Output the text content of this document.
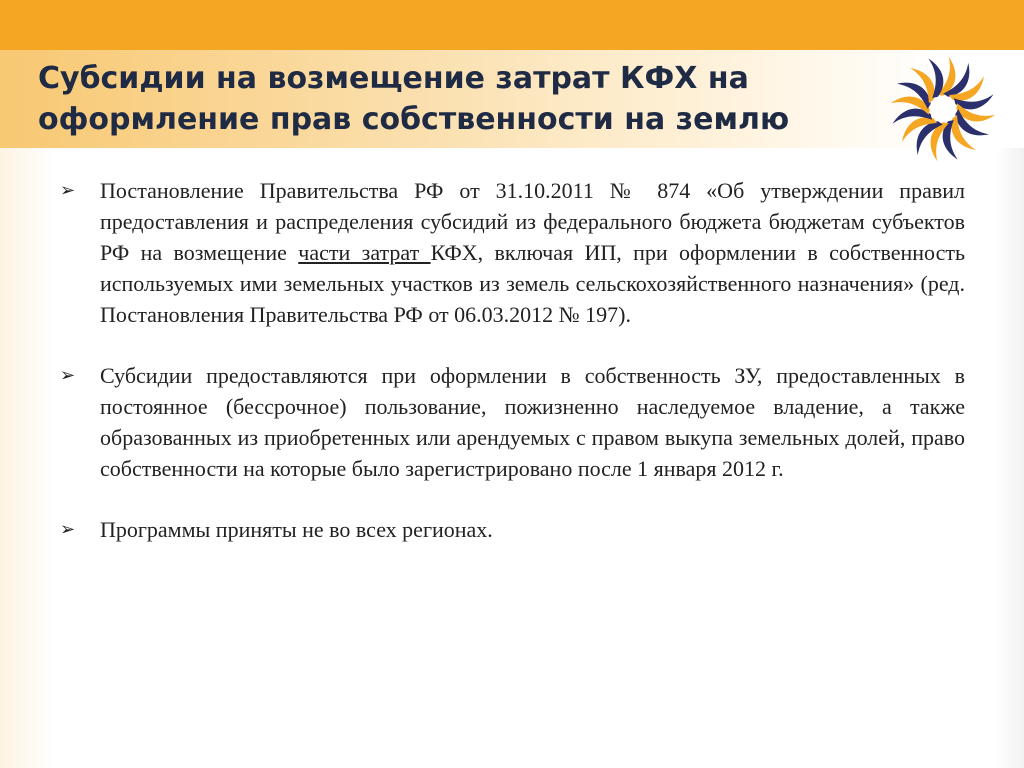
Субсидии на возмещение затрат КФХ на оформление прав собственности на землю
➢ Постановление Правительства РФ от 31.10.2011 № 874 «Об утверждении правил предоставления и распределения субсидий из федерального бюджета бюджетам субъектов РФ на возмещение части затрат КФХ, включая ИП, при оформлении в собственность используемых ими земельных участков из земель сельскохозяйственного назначения» (ред. Постановления Правительства РФ от 06.03.2012 № 197).
➢ Субсидии предоставляются при оформлении в собственность ЗУ, предоставленных в постоянное (бессрочное) пользование, пожизненно наследуемое владение, а также образованных из приобретенных или арендуемых с правом выкупа земельных долей, право собственности на которые было зарегистрировано после 1 января 2012 г.
➢ Программы приняты не во всех регионах.
